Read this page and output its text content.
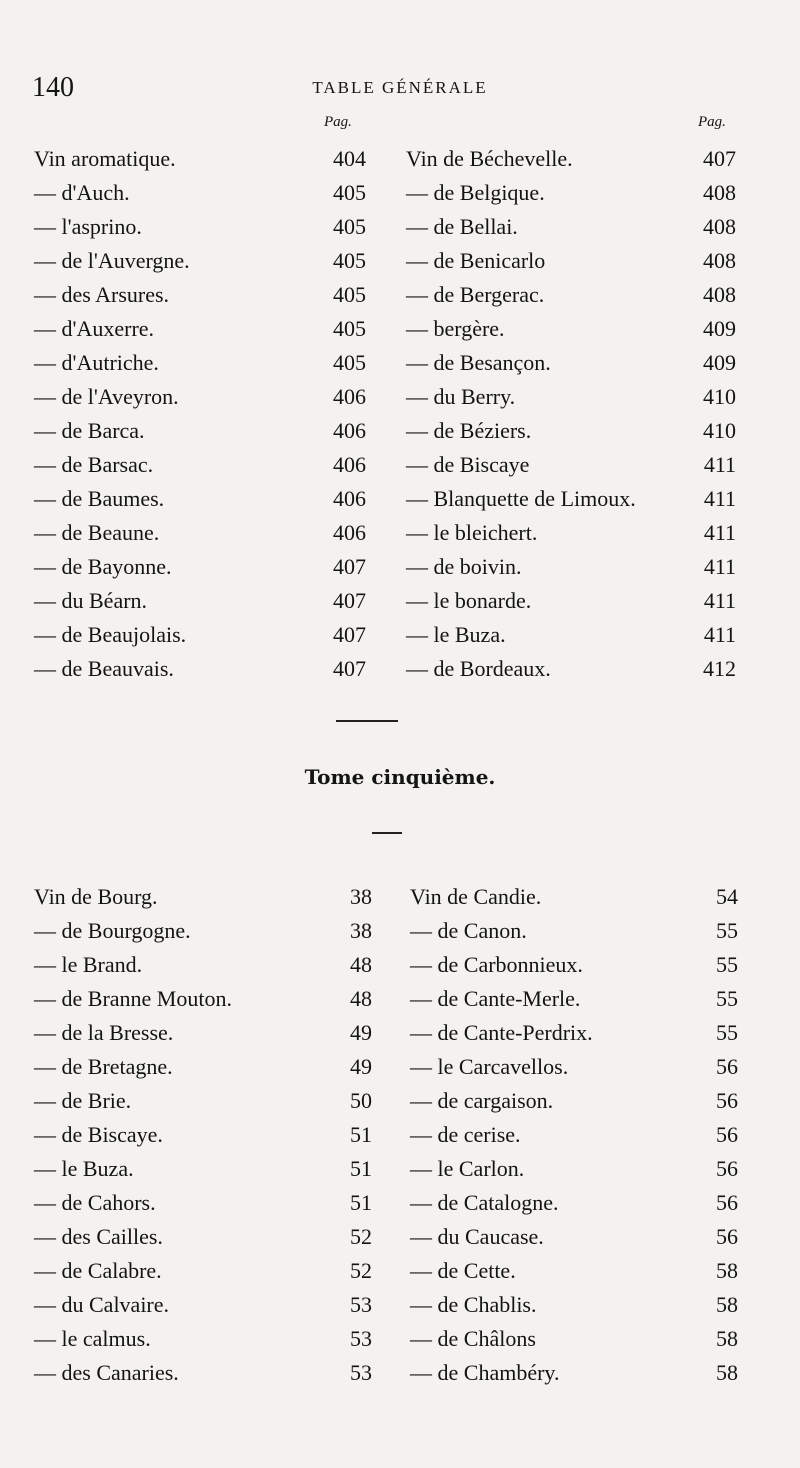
140	TABLE GÉNÉRALE
Pag.	Pag.
Vin aromatique.	404
— d'Auch.	405
— l'asprino.	405
— de l'Auvergne.	405
— des Arsures.	405
— d'Auxerre.	405
— d'Autriche.	405
— de l'Aveyron.	406
— de Barca.	406
— de Barsac.	406
— de Baumes.	406
— de Beaune.	406
— de Bayonne.	407
— du Béarn.	407
— de Beaujolais.	407
— de Beauvais.	407
Vin de Béchevelle.	407
— de Belgique.	408
— de Bellai.	408
— de Benicarlo	408
— de Bergerac.	408
— bergère.	409
— de Besançon.	409
— du Berry.	410
— de Béziers.	410
— de Biscaye	411
— Blanquette de Limoux.	411
— le bleichert.	411
— de boivin.	411
— le bonarde.	411
— le Buza.	411
— de Bordeaux.	412
Tome cinquième.
Vin de Bourg.	38
— de Bourgogne.	38
— le Brand.	48
— de Branne Mouton.	48
— de la Bresse.	49
— de Bretagne.	49
— de Brie.	50
— de Biscaye.	51
— le Buza.	51
— de Cahors.	51
— des Cailles.	52
— de Calabre.	52
— du Calvaire.	53
— le calmus.	53
— des Canaries.	53
Vin de Candie.	54
— de Canon.	55
— de Carbonnieux.	55
— de Cante-Merle.	55
— de Cante-Perdrix.	55
— le Carcavellos.	56
— de cargaison.	56
— de cerise.	56
— le Carlon.	56
— de Catalogne.	56
— du Caucase.	56
— de Cette.	58
— de Chablis.	58
— de Châlons	58
— de Chambéry.	58
